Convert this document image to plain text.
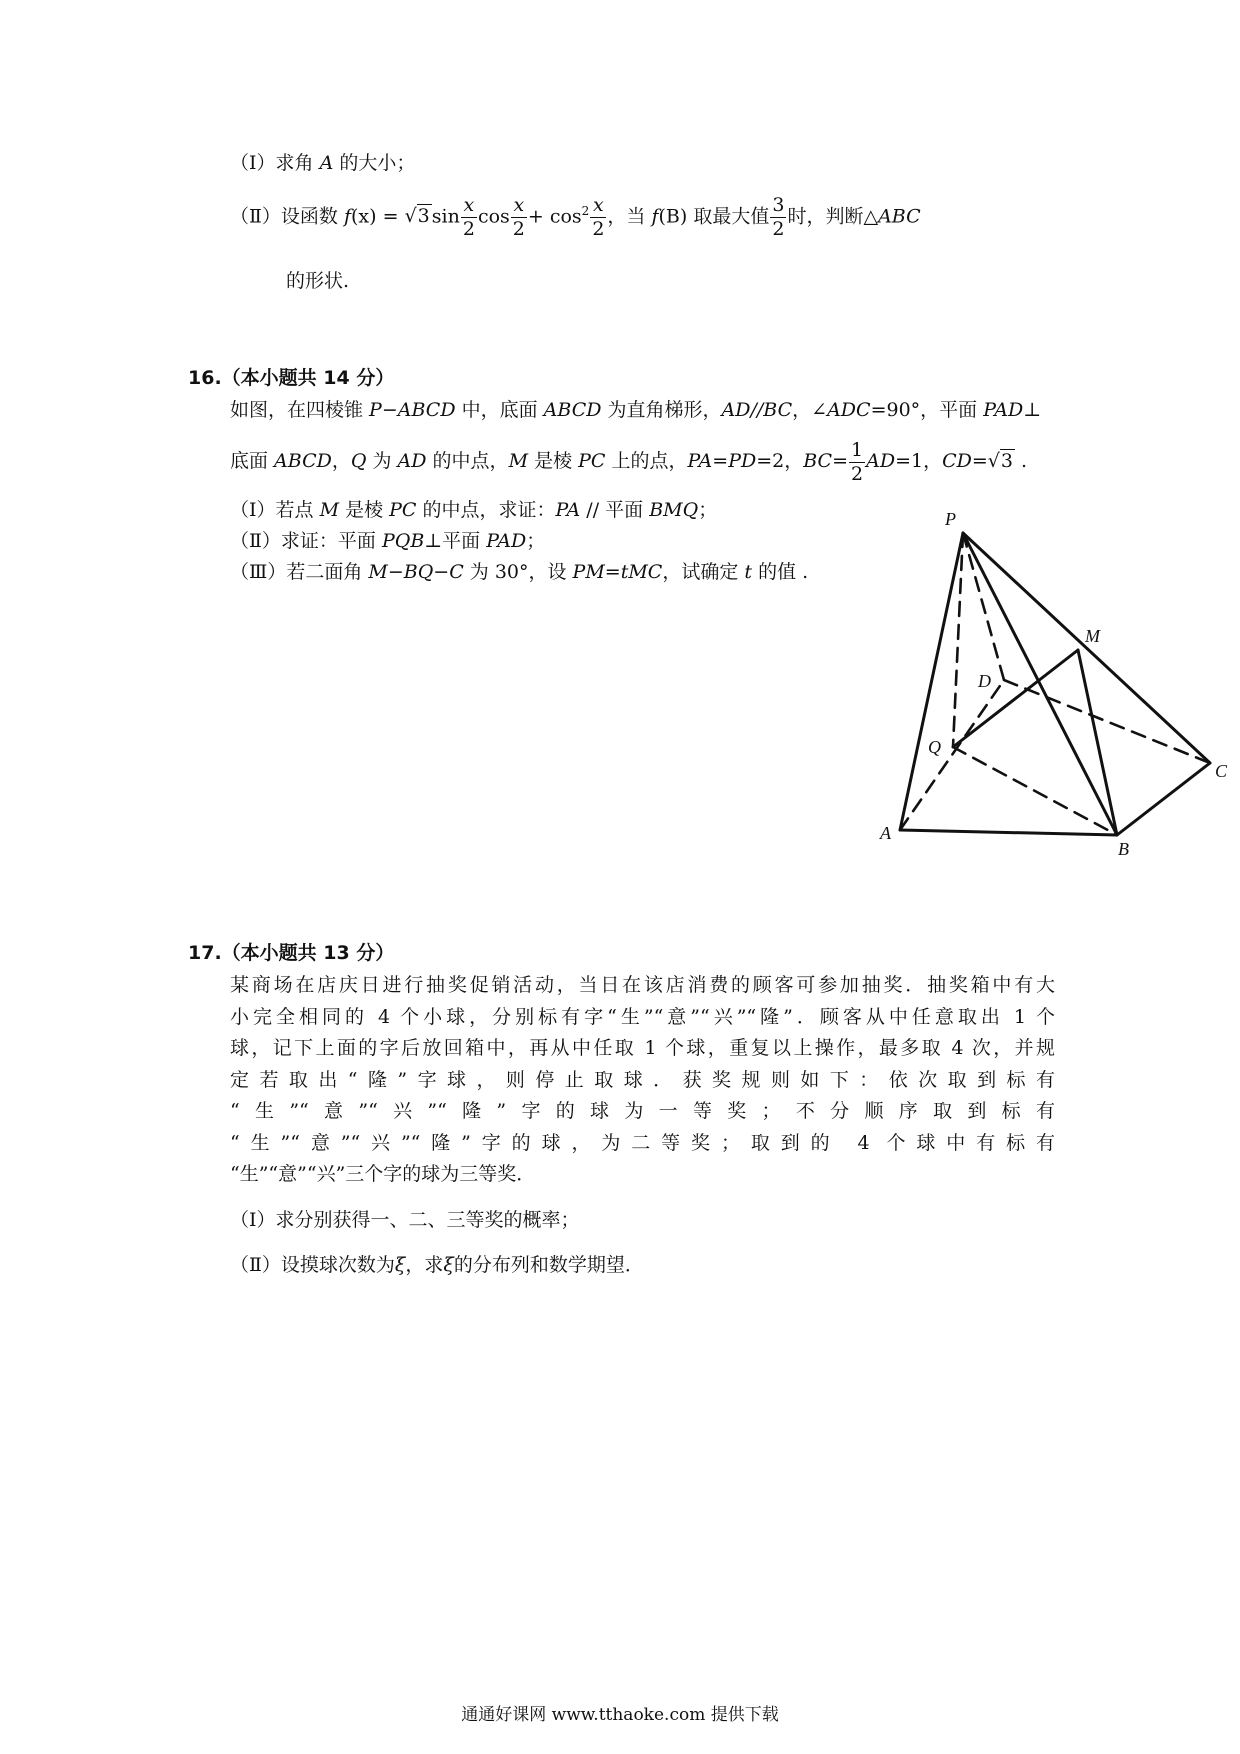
（Ⅰ）求角 A 的大小；
（Ⅱ）设函数 f(x) = √3 $\sin \frac{x}{2}$ $\cos \frac{x}{2} + \cos^2 \frac{x}{2}$ ，当 f(B) 取最大值 $\frac{3}{2}$ 时，判断△ABC
的形状.
16.（本小题共 14 分）
如图，在四棱锥 P−ABCD 中，底面 ABCD 为直角梯形，AD//BC，∠ADC=90°，平面 PAD⊥
底面 ABCD，Q 为 AD 的中点，M 是棱 PC 上的点，PA=PD=2，$BC= \frac{1}{2} AD=1$，CD=√3 .
（Ⅰ）若点 M 是棱 PC 的中点，求证：PA // 平面 BMQ；
（Ⅱ）求证：平面 PQB⊥平面 PAD；
（Ⅲ）若二面角 M−BQ−C 为 30°，设 PM=tMC，试确定 t 的值 .
P
M
D
Q
C
A
B
17.（本小题共 13 分）
某商场在店庆日进行抽奖促销活动，当日在该店消费的顾客可参加抽奖．抽奖箱中有大
小完全相同的 4 个小球，分别标有字“生”“意”“兴”“隆”．顾客从中任意取出 1 个
球，记下上面的字后放回箱中，再从中任取 1 个球，重复以上操作，最多取 4 次，并规
定若取出“隆”字球，则停止取球．获奖规则如下：依次取到标有
“生”“意”“兴”“隆”字的球为一等奖；不分顺序取到标有
“生”“意”“兴”“隆”字的球，为二等奖；取到的 4 个球中有标有
“生”“意”“兴”三个字的球为三等奖．
（Ⅰ）求分别获得一、二、三等奖的概率；
（Ⅱ）设摸球次数为ξ，求ξ的分布列和数学期望．
通通好课网 www.tthaoke.com 提供下载
